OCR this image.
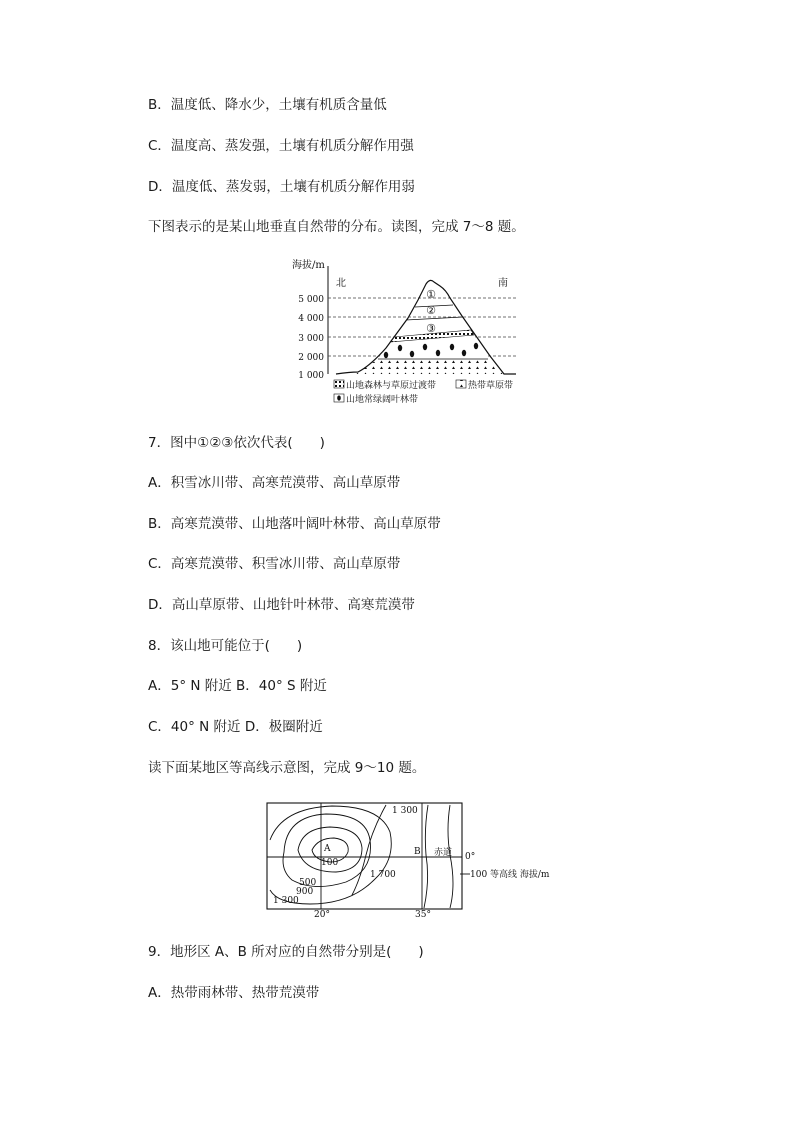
B．温度低、降水少，土壤有机质含量低
C．温度高、蒸发强，土壤有机质分解作用强
D．温度低、蒸发弱，土壤有机质分解作用弱
下图表示的是某山地垂直自然带的分布。读图，完成 7～8 题。
海拔/m
北	南
5 000
4 000
3 000
2 000
1 000
①
②
③
山地森林与草原过渡带	热带草原带
山地常绿阔叶林带
7．图中①②③依次代表(　　)
A．积雪冰川带、高寒荒漠带、高山草原带
B．高寒荒漠带、山地落叶阔叶林带、高山草原带
C．高寒荒漠带、积雪冰川带、高山草原带
D．高山草原带、山地针叶林带、高寒荒漠带
8．该山地可能位于(　　)
A．5° N 附近 B．40° S 附近
C．40° N 附近 D．极圈附近
读下面某地区等高线示意图，完成 9～10 题。
A
100
500
900
1 300
1 700
1 300
B 赤道 0°
20°	35°
100 等高线 海拔/m
9．地形区 A、B 所对应的自然带分别是(　　)
A．热带雨林带、热带荒漠带
